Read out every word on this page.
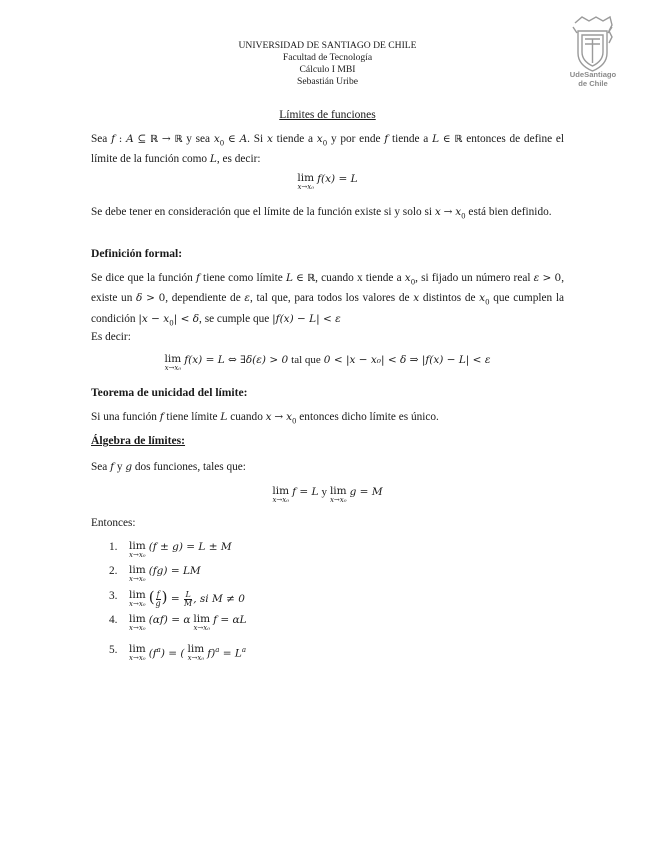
UNIVERSIDAD DE SANTIAGO DE CHILE
Facultad de Tecnología
Cálculo I MBI
Sebastián Uribe
UdeSantiago
de Chile
Límites de funciones
Sea f : A ⊆ ℝ → ℝ y sea $x_0$ ∈ A. Si x tiende a $x_0$ y por ende f tiende a L ∈ ℝ entonces de define el límite de la función como L, es decir:
lim
x→x₀
f(x) = L
Se debe tener en consideración que el límite de la función existe si y solo si $x \to x_0$ está bien definido.
Definición formal:
Se dice que la función f tiene como límite L ∈ ℝ, cuando x tiende a $x_0$, si fijado un número real ε > 0, existe un δ > 0, dependiente de ε, tal que, para todos los valores de x distintos de $x_0$ que cumplen la condición $|x - x_0| < \delta$, se cumple que |f(x) − L| < ε
Es decir:
lim
x→x₀
f(x) = L ⇔ ∃δ(ε) > 0 tal que 0 < |x − x₀| < δ ⇒ |f(x) − L| < ε
Teorema de unicidad del límite:
Si una función f tiene límite L cuando $x \to x_0$ entonces dicho límite es único.
Álgebra de límites:
Sea f y g dos funciones, tales que:
lim
x→x₀
f = L y lim
x→x₀
g = M
Entonces:
1.	lim
x→x₀
(f ± g) = L ± M
2.	lim
x→x₀
(fg) = LM
3.	lim
x→x₀ ( $\frac{f}{g}$ ) = $\frac{L}{M}$ , si M ≠ 0
4.	lim
x→x₀
(αf) = α lim
x→x₀
f = αL
5.	lim
x→x₀ $(f^a)$ = ( lim
x→x₀ $f)^a = L^a$
